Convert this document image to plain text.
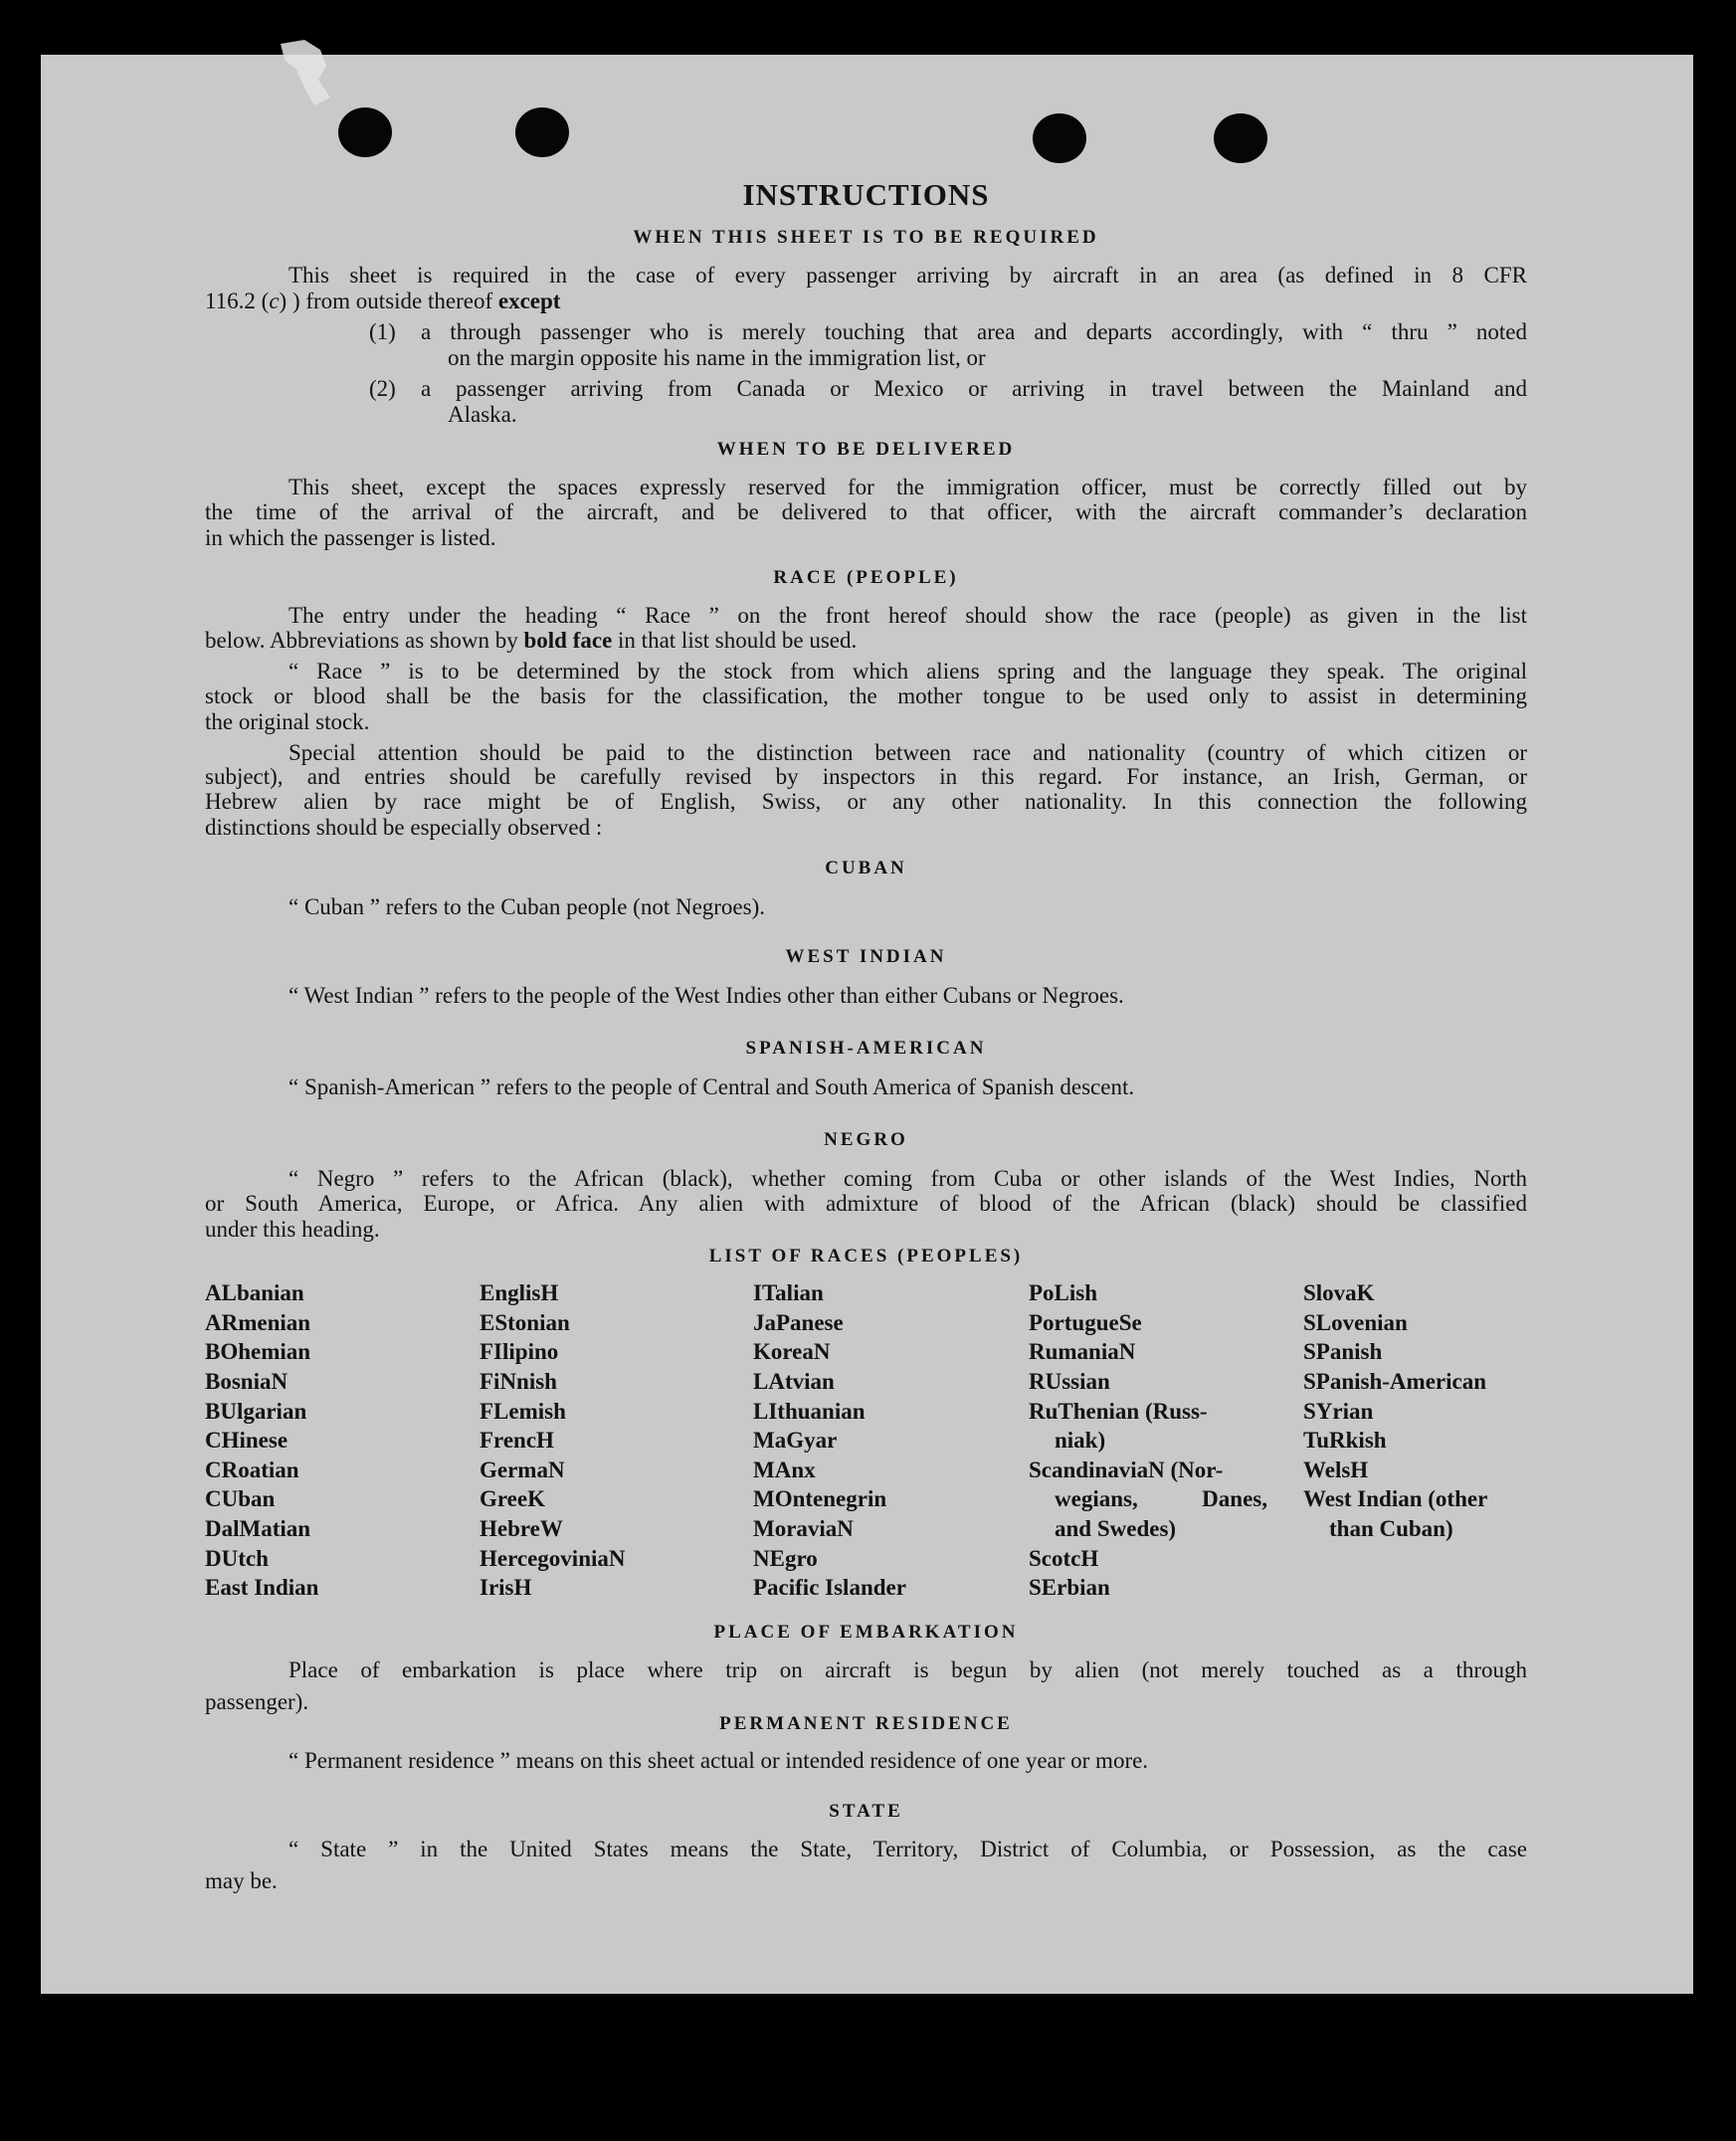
INSTRUCTIONS
WHEN THIS SHEET IS TO BE REQUIRED
This sheet is required in the case of every passenger arriving by aircraft in an area (as defined in 8 CFR
116.2 (c) ) from outside thereof except
(1) a through passenger who is merely touching that area and departs accordingly, with “ thru ” noted
on the margin opposite his name in the immigration list, or
(2) a passenger arriving from Canada or Mexico or arriving in travel between the Mainland and
Alaska.
WHEN TO BE DELIVERED
This sheet, except the spaces expressly reserved for the immigration officer, must be correctly filled out by
the time of the arrival of the aircraft, and be delivered to that officer, with the aircraft commander’s declaration
in which the passenger is listed.
RACE (PEOPLE)
The entry under the heading “ Race ” on the front hereof should show the race (people) as given in the list
below. Abbreviations as shown by bold face in that list should be used.
“ Race ” is to be determined by the stock from which aliens spring and the language they speak. The original
stock or blood shall be the basis for the classification, the mother tongue to be used only to assist in determining
the original stock.
Special attention should be paid to the distinction between race and nationality (country of which citizen or
subject), and entries should be carefully revised by inspectors in this regard. For instance, an Irish, German, or
Hebrew alien by race might be of English, Swiss, or any other nationality. In this connection the following
distinctions should be especially observed :
CUBAN
“ Cuban ” refers to the Cuban people (not Negroes).
WEST INDIAN
“ West Indian ” refers to the people of the West Indies other than either Cubans or Negroes.
SPANISH-AMERICAN
“ Spanish-American ” refers to the people of Central and South America of Spanish descent.
NEGRO
“ Negro ” refers to the African (black), whether coming from Cuba or other islands of the West Indies, North
or South America, Europe, or Africa. Any alien with admixture of blood of the African (black) should be classified
under this heading.
LIST OF RACES (PEOPLES)
ALbanian
ARmenian
BOhemian
BosniaN
BUlgarian
CHinese
CRoatian
CUban
DalMatian
DUtch
East Indian
EnglisH
EStonian
FIlipino
FiNnish
FLemish
FrencH
GermaN
GreeK
HebreW
HercegoviniaN
IrisH
ITalian
JaPanese
KoreaN
LAtvian
LIthuanian
MaGyar
MAnx
MOntenegrin
MoraviaN
NEgro
Pacific Islander
PoLish
PortugueSe
RumaniaN
RUssian
RuThenian (Russ-
niak)
ScandinaviaN (Nor-
wegians, Danes,
and Swedes)
ScotcH
SErbian
SlovaK
SLovenian
SPanish
SPanish-American
SYrian
TuRkish
WelsH
West Indian (other
than Cuban)
PLACE OF EMBARKATION
Place of embarkation is place where trip on aircraft is begun by alien (not merely touched as a through
passenger).
PERMANENT RESIDENCE
“ Permanent residence ” means on this sheet actual or intended residence of one year or more.
STATE
“ State ” in the United States means the State, Territory, District of Columbia, or Possession, as the case
may be.
